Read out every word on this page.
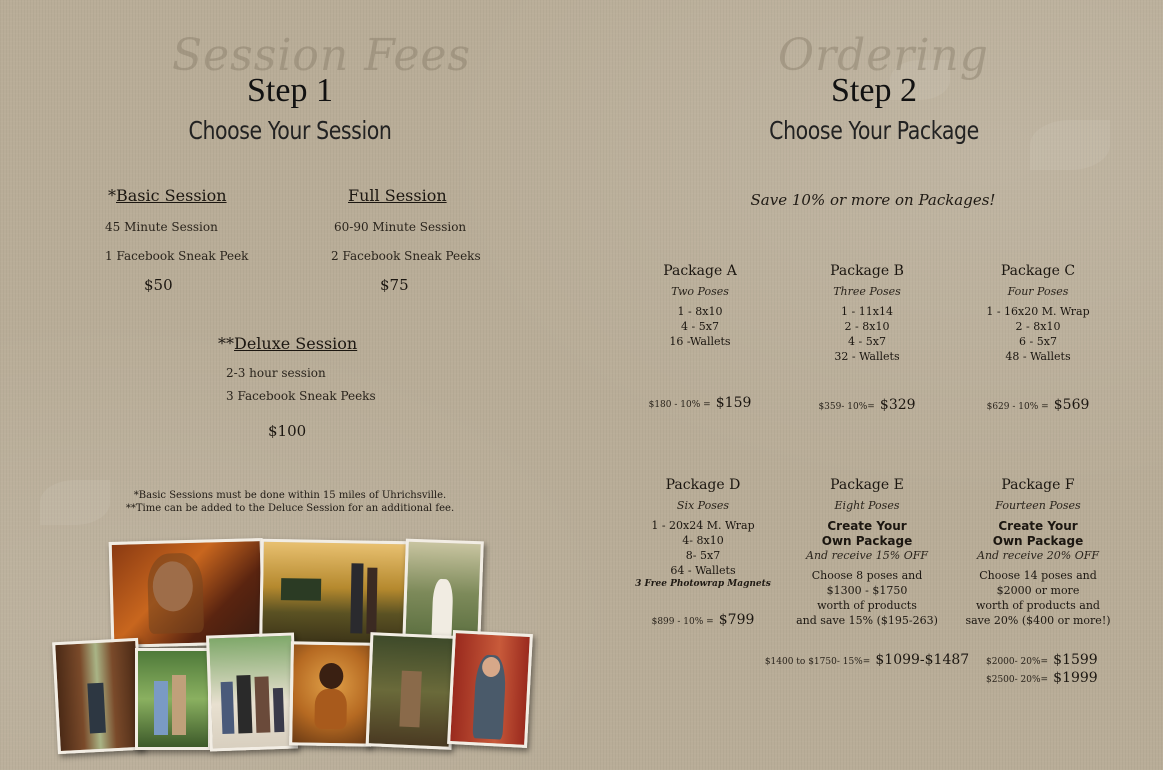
Session Fees
Step 1
Choose Your Session
*Basic Session
45 Minute Session
1 Facebook Sneak Peek
$50
Full Session
60-90 Minute Session
2 Facebook Sneak Peeks
$75
**Deluxe Session
2-3 hour session
3 Facebook Sneak Peeks
$100
*Basic Sessions must be done within 15 miles of Uhrichsville.
**Time can be added to the Deluce Session for an additional fee.
Ordering
Step 2
Choose Your Package
Save 10% or more on Packages!
Package A
Two Poses
1 - 8x10
4 - 5x7
16 -Wallets
$180 - 10% = $159
Package B
Three Poses
1 - 11x14
2 - 8x10
4 - 5x7
32 - Wallets
$359- 10%= $329
Package C
Four Poses
1 - 16x20 M. Wrap
2 - 8x10
6 - 5x7
48 - Wallets
$629 - 10% = $569
Package D
Six Poses
1 - 20x24 M. Wrap
4- 8x10
8- 5x7
64 - Wallets
3 Free Photowrap Magnets
$899 - 10% = $799
Package E
Eight Poses
Create Your
Own Package
And receive 15% OFF
Choose 8 poses and
$1300 - $1750
worth of products
and save 15% ($195-263)
$1400 to $1750- 15%= $1099-$1487
Package F
Fourteen Poses
Create Your
Own Package
And receive 20% OFF
Choose 14 poses and
$2000 or more
worth of products and
save 20% ($400 or more!)
$2000- 20%= $1599
$2500- 20%= $1999
